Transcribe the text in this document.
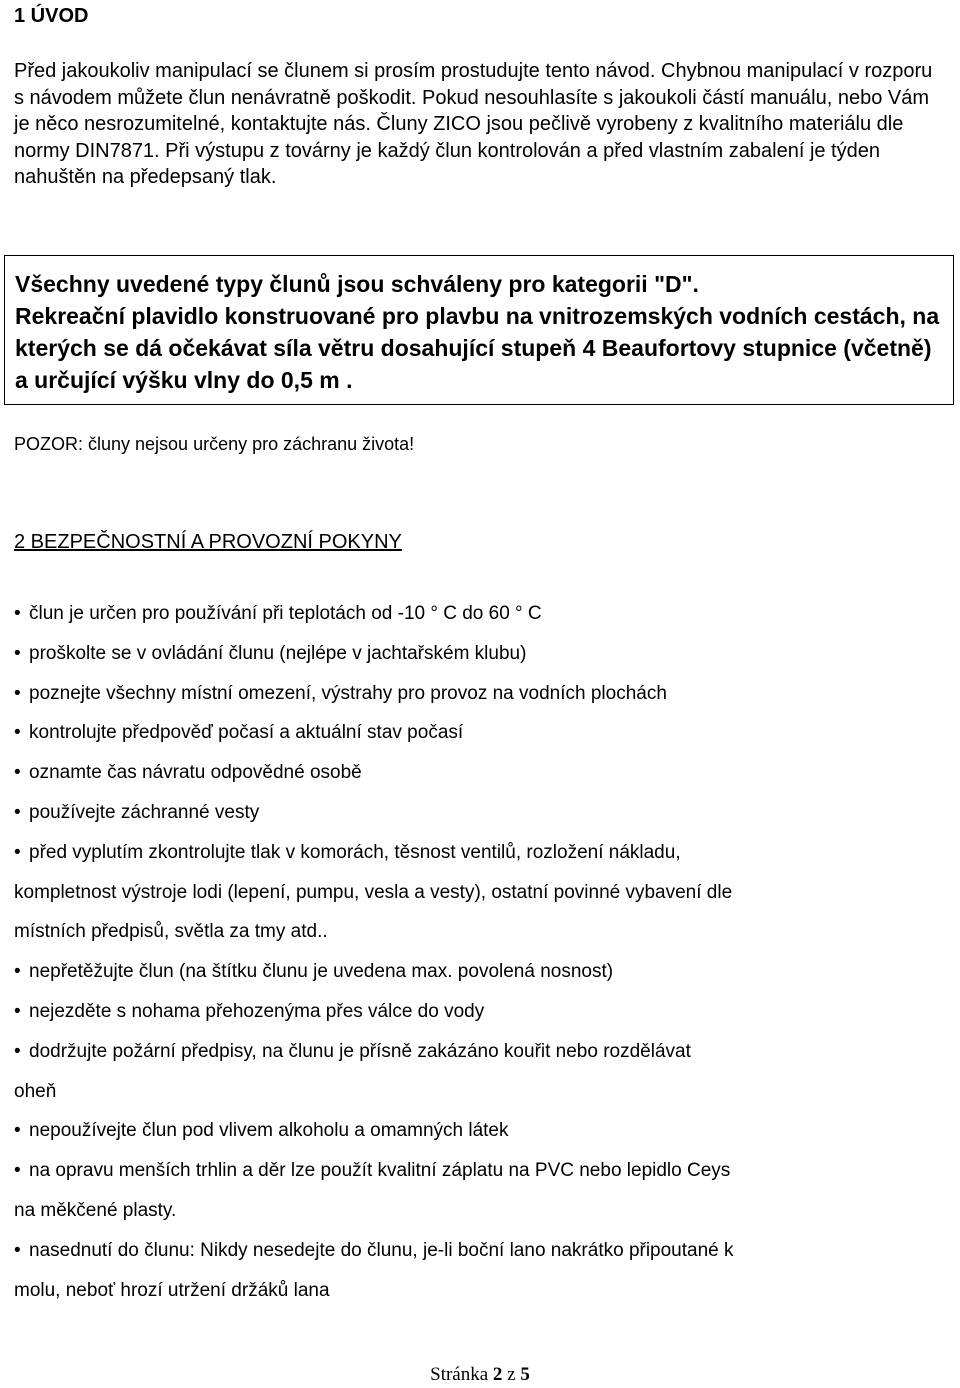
1 ÚVOD

Před jakoukoliv manipulací se člunem si prosím prostudujte tento návod. Chybnou manipulací v rozporu s návodem můžete člun nenávratně poškodit. Pokud nesouhlasíte s jakoukoli částí manuálu, nebo Vám je něco nesrozumitelné, kontaktujte nás. Čluny ZICO jsou pečlivě vyrobeny z kvalitního materiálu dle normy DIN7871. Při výstupu z továrny je každý člun kontrolován a před vlastním zabalení je týden nahuštěn na předepsaný tlak.

Všechny uvedené typy člunů jsou schváleny pro kategorii "D".

Rekreační plavidlo konstruované pro plavbu na vnitrozemských vodních cestách, na kterých se dá očekávat síla větru dosahující stupeň 4 Beaufortovy stupnice (včetně) a určující výšku vlny do 0,5 m .

POZOR: čluny nejsou určeny pro záchranu života!

2 BEZPEČNOSTNÍ A PROVOZNÍ POKYNY
• člun je určen pro používání při teplotách od -10 ° C do 60 ° C
• proškolte se v ovládání člunu (nejlépe v jachtařském klubu)
• poznejte všechny místní omezení, výstrahy pro provoz na vodních plochách
• kontrolujte předpověď počasí a aktuální stav počasí
• oznamte čas návratu odpovědné osobě
• používejte záchranné vesty
• před vyplutím zkontrolujte tlak v komorách, těsnost ventilů, rozložení nákladu,
kompletnost výstroje lodi (lepení, pumpu, vesla a vesty), ostatní povinné vybavení dle
místních předpisů, světla za tmy atd..
• nepřetěžujte člun (na štítku člunu je uvedena max. povolená nosnost)
• nejezděte s nohama přehozenýma přes válce do vody
• dodržujte požární předpisy, na člunu je přísně zakázáno kouřit nebo rozdělávat
oheň
• nepoužívejte člun pod vlivem alkoholu a omamných látek
• na opravu menších trhlin a děr lze použít kvalitní záplatu na PVC nebo lepidlo Ceys
na měkčené plasty.
• nasednutí do člunu: Nikdy nesedejte do člunu, je-li boční lano nakrátko připoutané k
molu, neboť hrozí utržení držáků lana
Stránka 2 z 5
